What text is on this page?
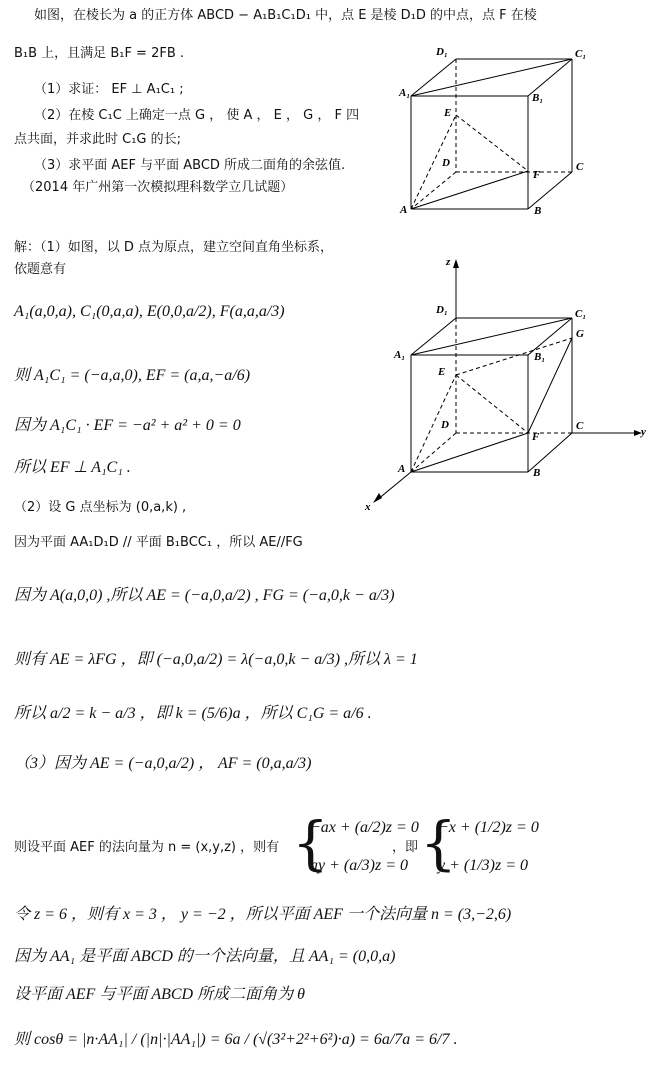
如图，在棱长为 a 的正方体 ABCD − A₁B₁C₁D₁ 中，点 E 是棱 D₁D 的中点，点 F 在棱
B₁B 上，且满足 B₁F = 2FB .
（1）求证： EF ⊥ A₁C₁ ;
（2）在棱 C₁C 上确定一点 G ， 使 A ， E ， G ， F 四
点共面，并求此时 C₁G 的长;
（3）求平面 AEF 与平面 ABCD 所成二面角的余弦值.
（2014 年广州第一次模拟理科数学立几试题）
D₁	C₁
A₁	B₁
E
D	C
F
A	B
解：（1）如图，以 D 点为原点，建立空间直角坐标系，
依题意有
A₁(a,0,a), C₁(0,a,a), E(0,0,a/2), F(a,a,a/3)
则 A₁C₁ = (−a,a,0), EF = (a,a,−a/6)
因为 A₁C₁ · EF = −a² + a² + 0 = 0
所以 EF ⊥ A₁C₁ .
z
D₁	C₁
G
A₁	B₁
E
D	C	y
F
A	B
x
（2）设 G 点坐标为 (0,a,k) ,
因为平面 AA₁D₁D // 平面 B₁BCC₁ ，所以 AE//FG
因为 A(a,0,0) ,所以 AE = (−a,0,a/2) , FG = (−a,0,k − a/3)
则有 AE = λFG ，即 (−a,0,a/2) = λ(−a,0,k − a/3) ,所以 λ = 1
所以 a/2 = k − a/3 ，即 k = (5/6)a ，所以 C₁G = a/6 .
（3）因为 AE = (−a,0,a/2) ， AF = (0,a,a/3)
则设平面 AEF 的法向量为 n = (x,y,z) ，则有 {
−ax + (a/2)z = 0
ay + (a/3)z = 0
，即 {
−x + (1/2)z = 0
y + (1/3)z = 0
令 z = 6 ，则有 x = 3 ， y = −2 ，所以平面 AEF 一个法向量 n = (3,−2,6)
因为 AA₁ 是平面 ABCD 的一个法向量，且 AA₁ = (0,0,a)
设平面 AEF 与平面 ABCD 所成二面角为 θ
则 cosθ = |n·AA₁| / (|n|·|AA₁|) = 6a / (√(3²+2²+6²)·a) = 6a/7a = 6/7 .
